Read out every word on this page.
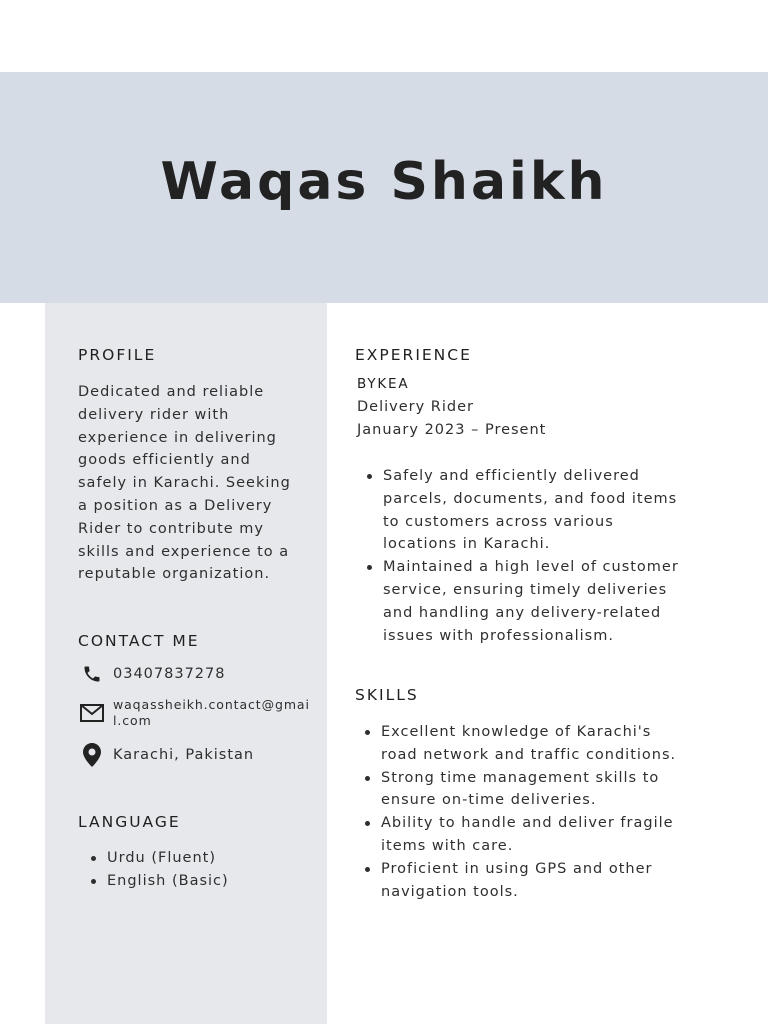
Waqas Shaikh
PROFILE
Dedicated and reliable delivery rider with experience in delivering goods efficiently and safely in Karachi. Seeking a position as a Delivery Rider to contribute my skills and experience to a reputable organization.
CONTACT ME
03407837278
waqassheikh.contact@gmail.com
Karachi, Pakistan
LANGUAGE
Urdu (Fluent)
English (Basic)
EXPERIENCE
BYKEA
Delivery Rider
January 2023 – Present
Safely and efficiently delivered parcels, documents, and food items to customers across various locations in Karachi.
Maintained a high level of customer service, ensuring timely deliveries and handling any delivery-related issues with professionalism.
SKILLS
Excellent knowledge of Karachi's road network and traffic conditions.
Strong time management skills to ensure on-time deliveries.
Ability to handle and deliver fragile items with care.
Proficient in using GPS and other navigation tools.
